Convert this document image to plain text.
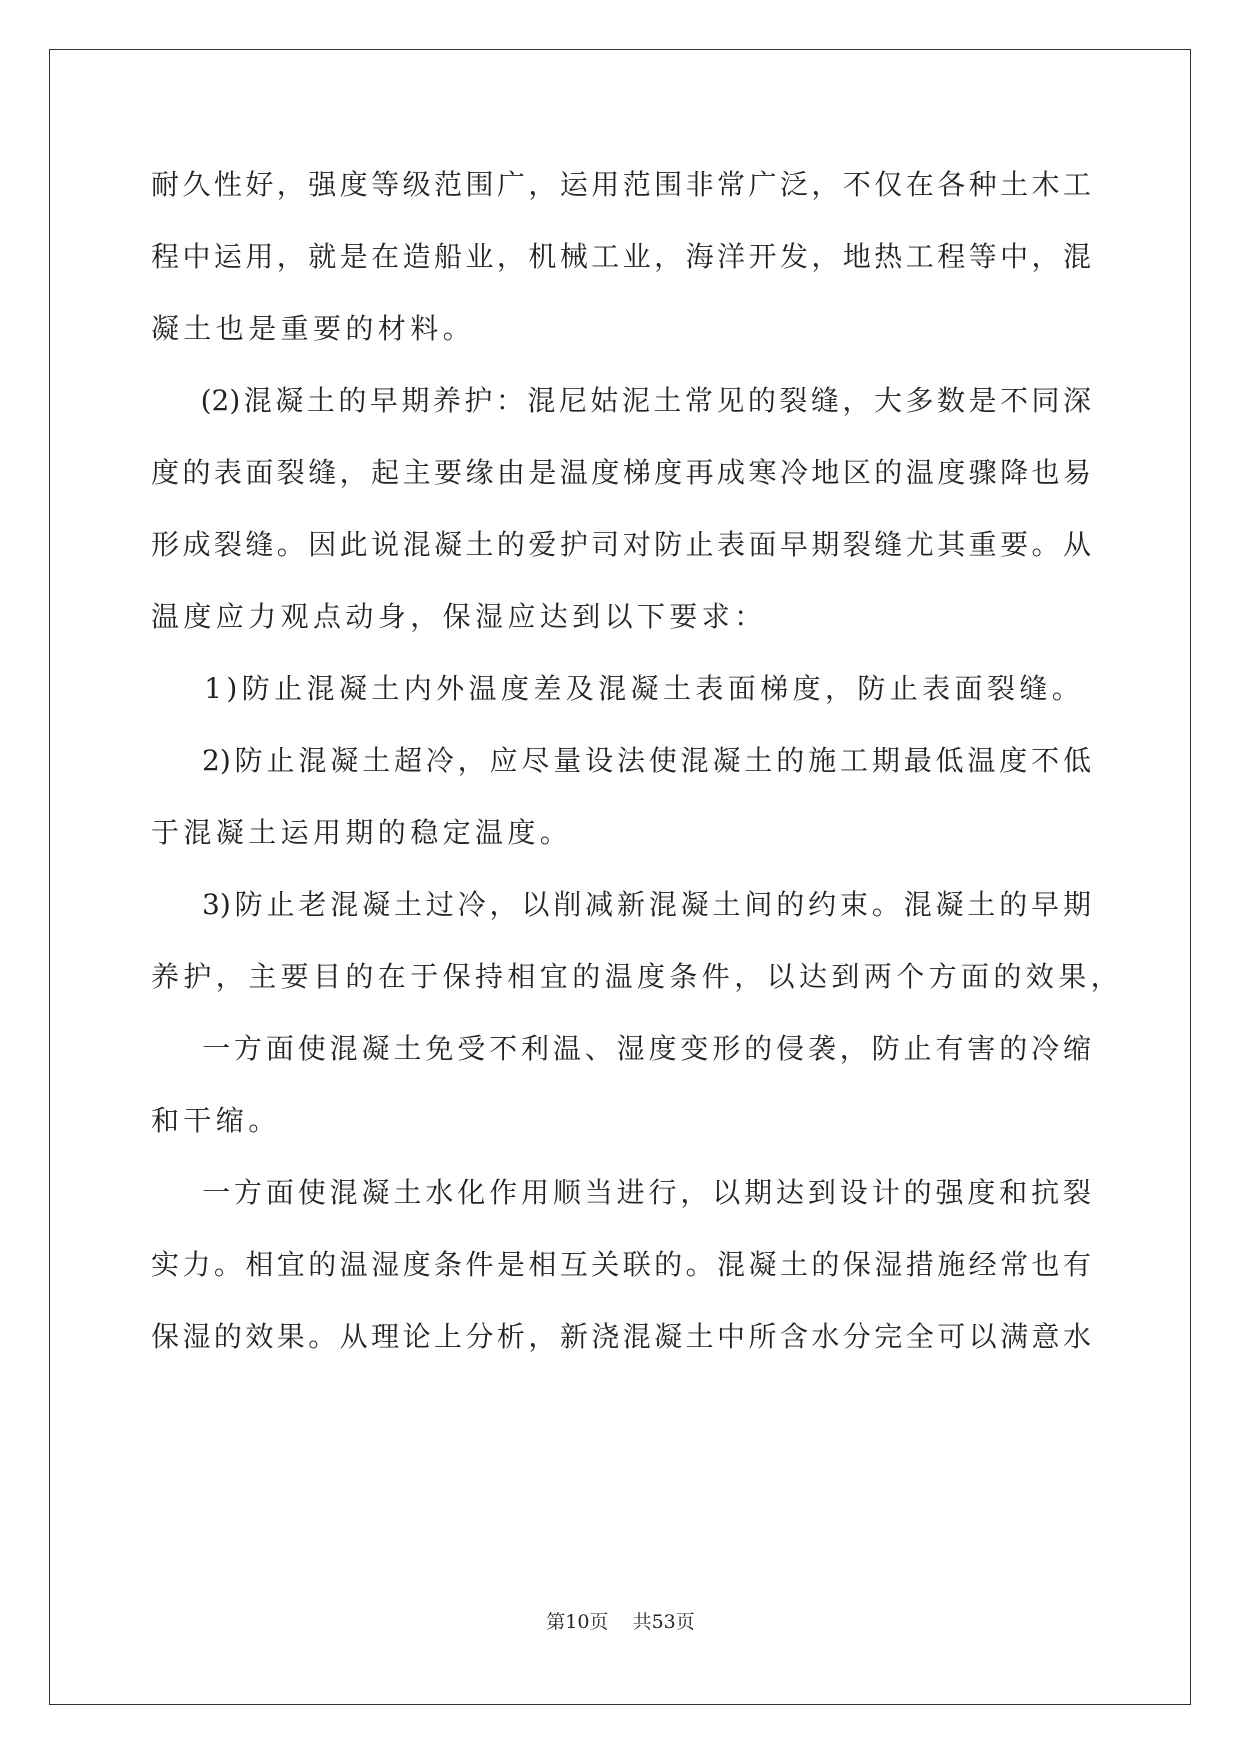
耐久性好，强度等级范围广，运用范围非常广泛，不仅在各种土木工
程中运用，就是在造船业，机械工业，海洋开发，地热工程等中，混
凝土也是重要的材料。
(2)混凝土的早期养护：混尼姑泥土常见的裂缝，大多数是不同深
度的表面裂缝，起主要缘由是温度梯度再成寒冷地区的温度骤降也易
形成裂缝。因此说混凝土的爱护司对防止表面早期裂缝尤其重要。从
温度应力观点动身，保湿应达到以下要求：
1)防止混凝土内外温度差及混凝土表面梯度，防止表面裂缝。
2)防止混凝土超冷，应尽量设法使混凝土的施工期最低温度不低
于混凝土运用期的稳定温度。
3)防止老混凝土过冷，以削减新混凝土间的约束。混凝土的早期
养护，主要目的在于保持相宜的温度条件，以达到两个方面的效果，
一方面使混凝土免受不利温、湿度变形的侵袭，防止有害的冷缩
和干缩。
一方面使混凝土水化作用顺当进行，以期达到设计的强度和抗裂
实力。相宜的温湿度条件是相互关联的。混凝土的保湿措施经常也有
保湿的效果。从理论上分析，新浇混凝土中所含水分完全可以满意水
第10页    共53页
